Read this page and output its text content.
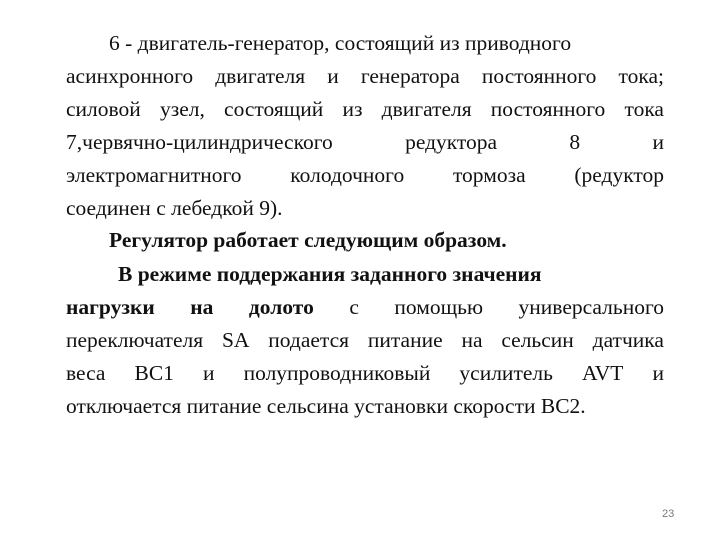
6 - двигатель-генератор, состоящий из приводного
асинхронного двигателя и генератора постоянного тока;
силовой узел, состоящий из двигателя постоянного тока
7,червячно-цилиндрического	редуктора	8	и
электромагнитного колодочного тормоза (редуктор
соединен с лебедкой 9).
Регулятор работает следующим образом.
В режиме поддержания заданного значения
нагрузки на долото с помощью универсального
переключателя SA подается питание на сельсин датчика
веса BC1 и полупроводниковый усилитель AVT и
отключается питание сельсина установки скорости BC2.
23
